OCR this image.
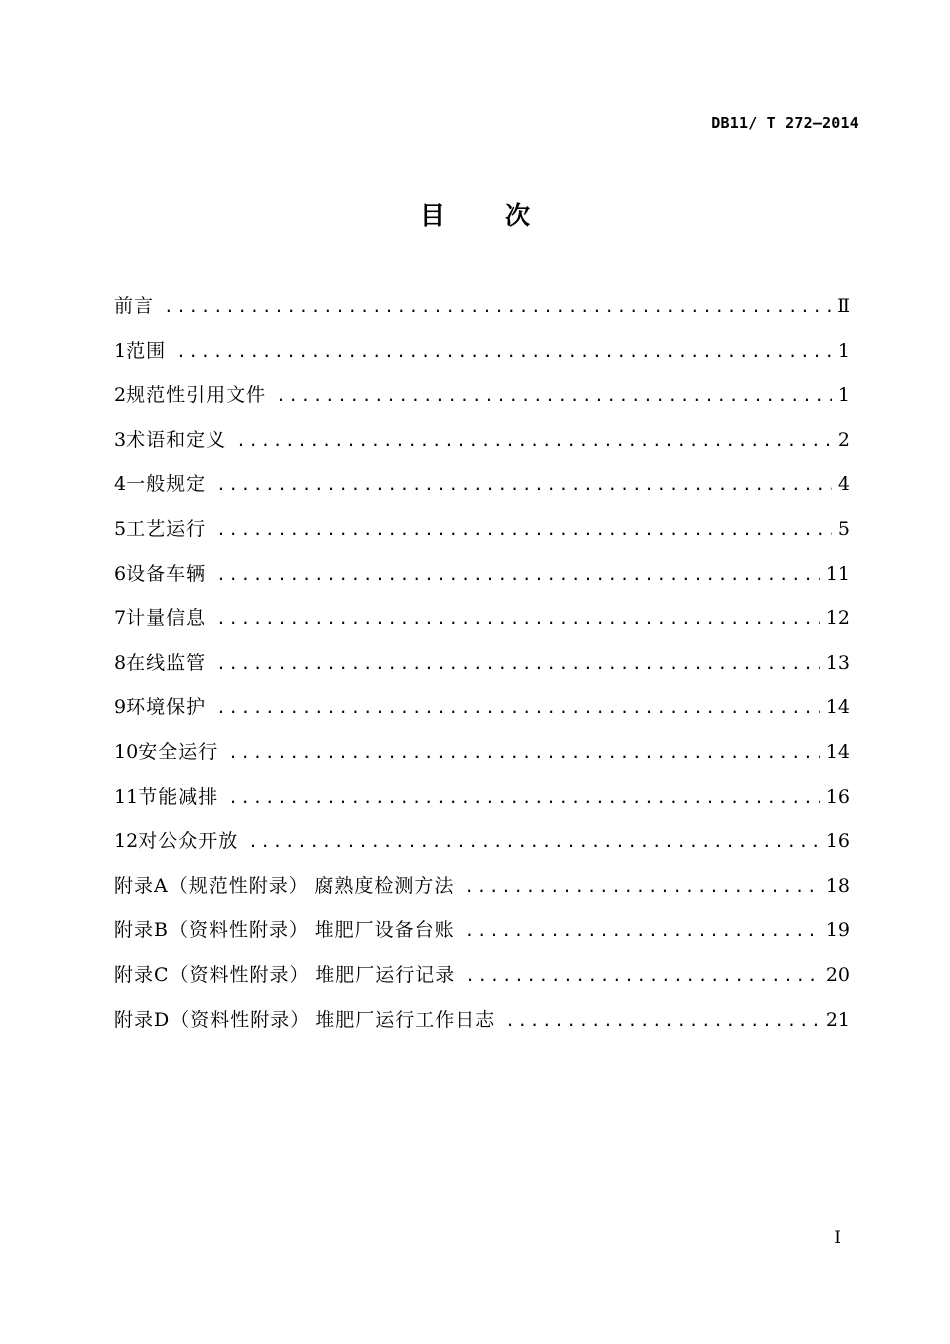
DB11/ T 272—2014
目 次
前言 .....	Ⅱ
1 范围 .....	1
2 规范性引用文件 .....	1
3 术语和定义 .....	2
4 一般规定 .....	4
5 工艺运行 .....	5
6 设备车辆 .....	11
7 计量信息 .....	12
8 在线监管 .....	13
9 环境保护 .....	14
10 安全运行 .....	14
11 节能减排 .....	16
12 对公众开放 .....	16
附录A（规范性附录） 腐熟度检测方法 .....	18
附录B（资料性附录） 堆肥厂设备台账 .....	19
附录C（资料性附录） 堆肥厂运行记录 .....	20
附录D（资料性附录） 堆肥厂运行工作日志 .....	21
I
